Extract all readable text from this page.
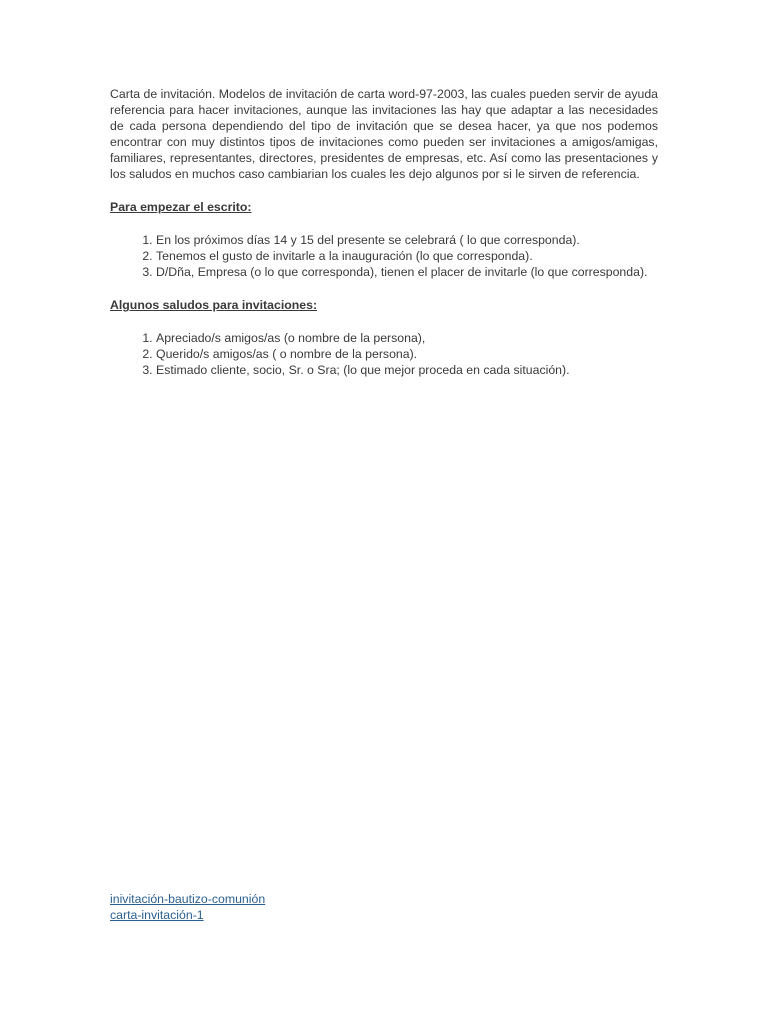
Carta de invitación. Modelos de invitación de carta word-97-2003, las cuales pueden servir de ayuda referencia para hacer invitaciones, aunque las invitaciones las hay que adaptar a las necesidades de cada persona dependiendo del tipo de invitación que se desea hacer, ya que nos podemos encontrar con muy distintos tipos de invitaciones como pueden ser invitaciones a amigos/amigas, familiares, representantes, directores, presidentes de empresas, etc. Así como las presentaciones y los saludos en muchos caso cambiarian los cuales les dejo algunos por si le sirven de referencia.

Para empezar el escrito:
1. En los próximos días 14 y 15 del presente se celebrará ( lo que corresponda).
2. Tenemos el gusto de invitarle a la inauguración (lo que corresponda).
3. D/Dña, Empresa (o lo que corresponda), tienen el placer de invitarle (lo que corresponda).
Algunos saludos para invitaciones:
1. Apreciado/s amigos/as (o nombre de la persona),
2. Querido/s amigos/as ( o nombre de la persona).
3. Estimado cliente, socio, Sr. o Sra; (lo que mejor proceda en cada situación).
inivitación-bautizo-comunión
carta-invitación-1
